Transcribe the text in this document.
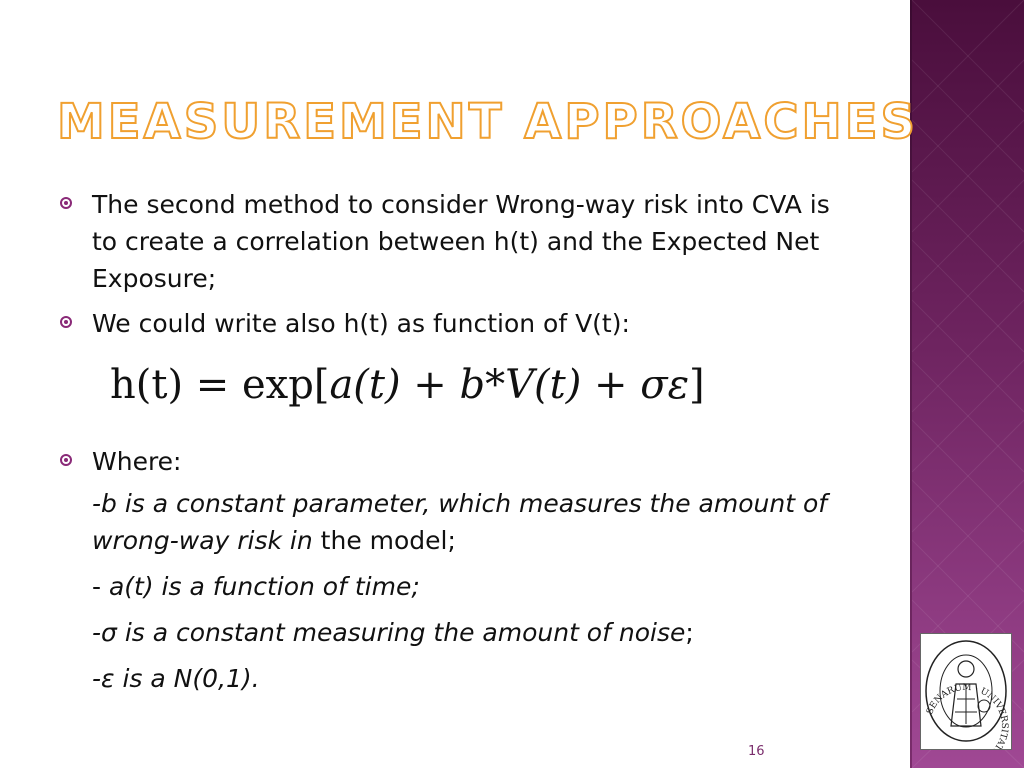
MEASUREMENT APPROACHES

The second method to consider Wrong-way risk into CVA is to create a correlation between h(t) and the Expected Net Exposure;

We could write also h(t) as function of V(t):

h(t) = exp[a(t) + b*V(t) + σε]

Where:

-b is a constant parameter, which measures the amount of wrong-way risk in the model;

- a(t) is a function of time;

-σ is a constant measuring the amount of noise;

-ε is a N(0,1).

16
SENARUM · UNIVERSITAT
